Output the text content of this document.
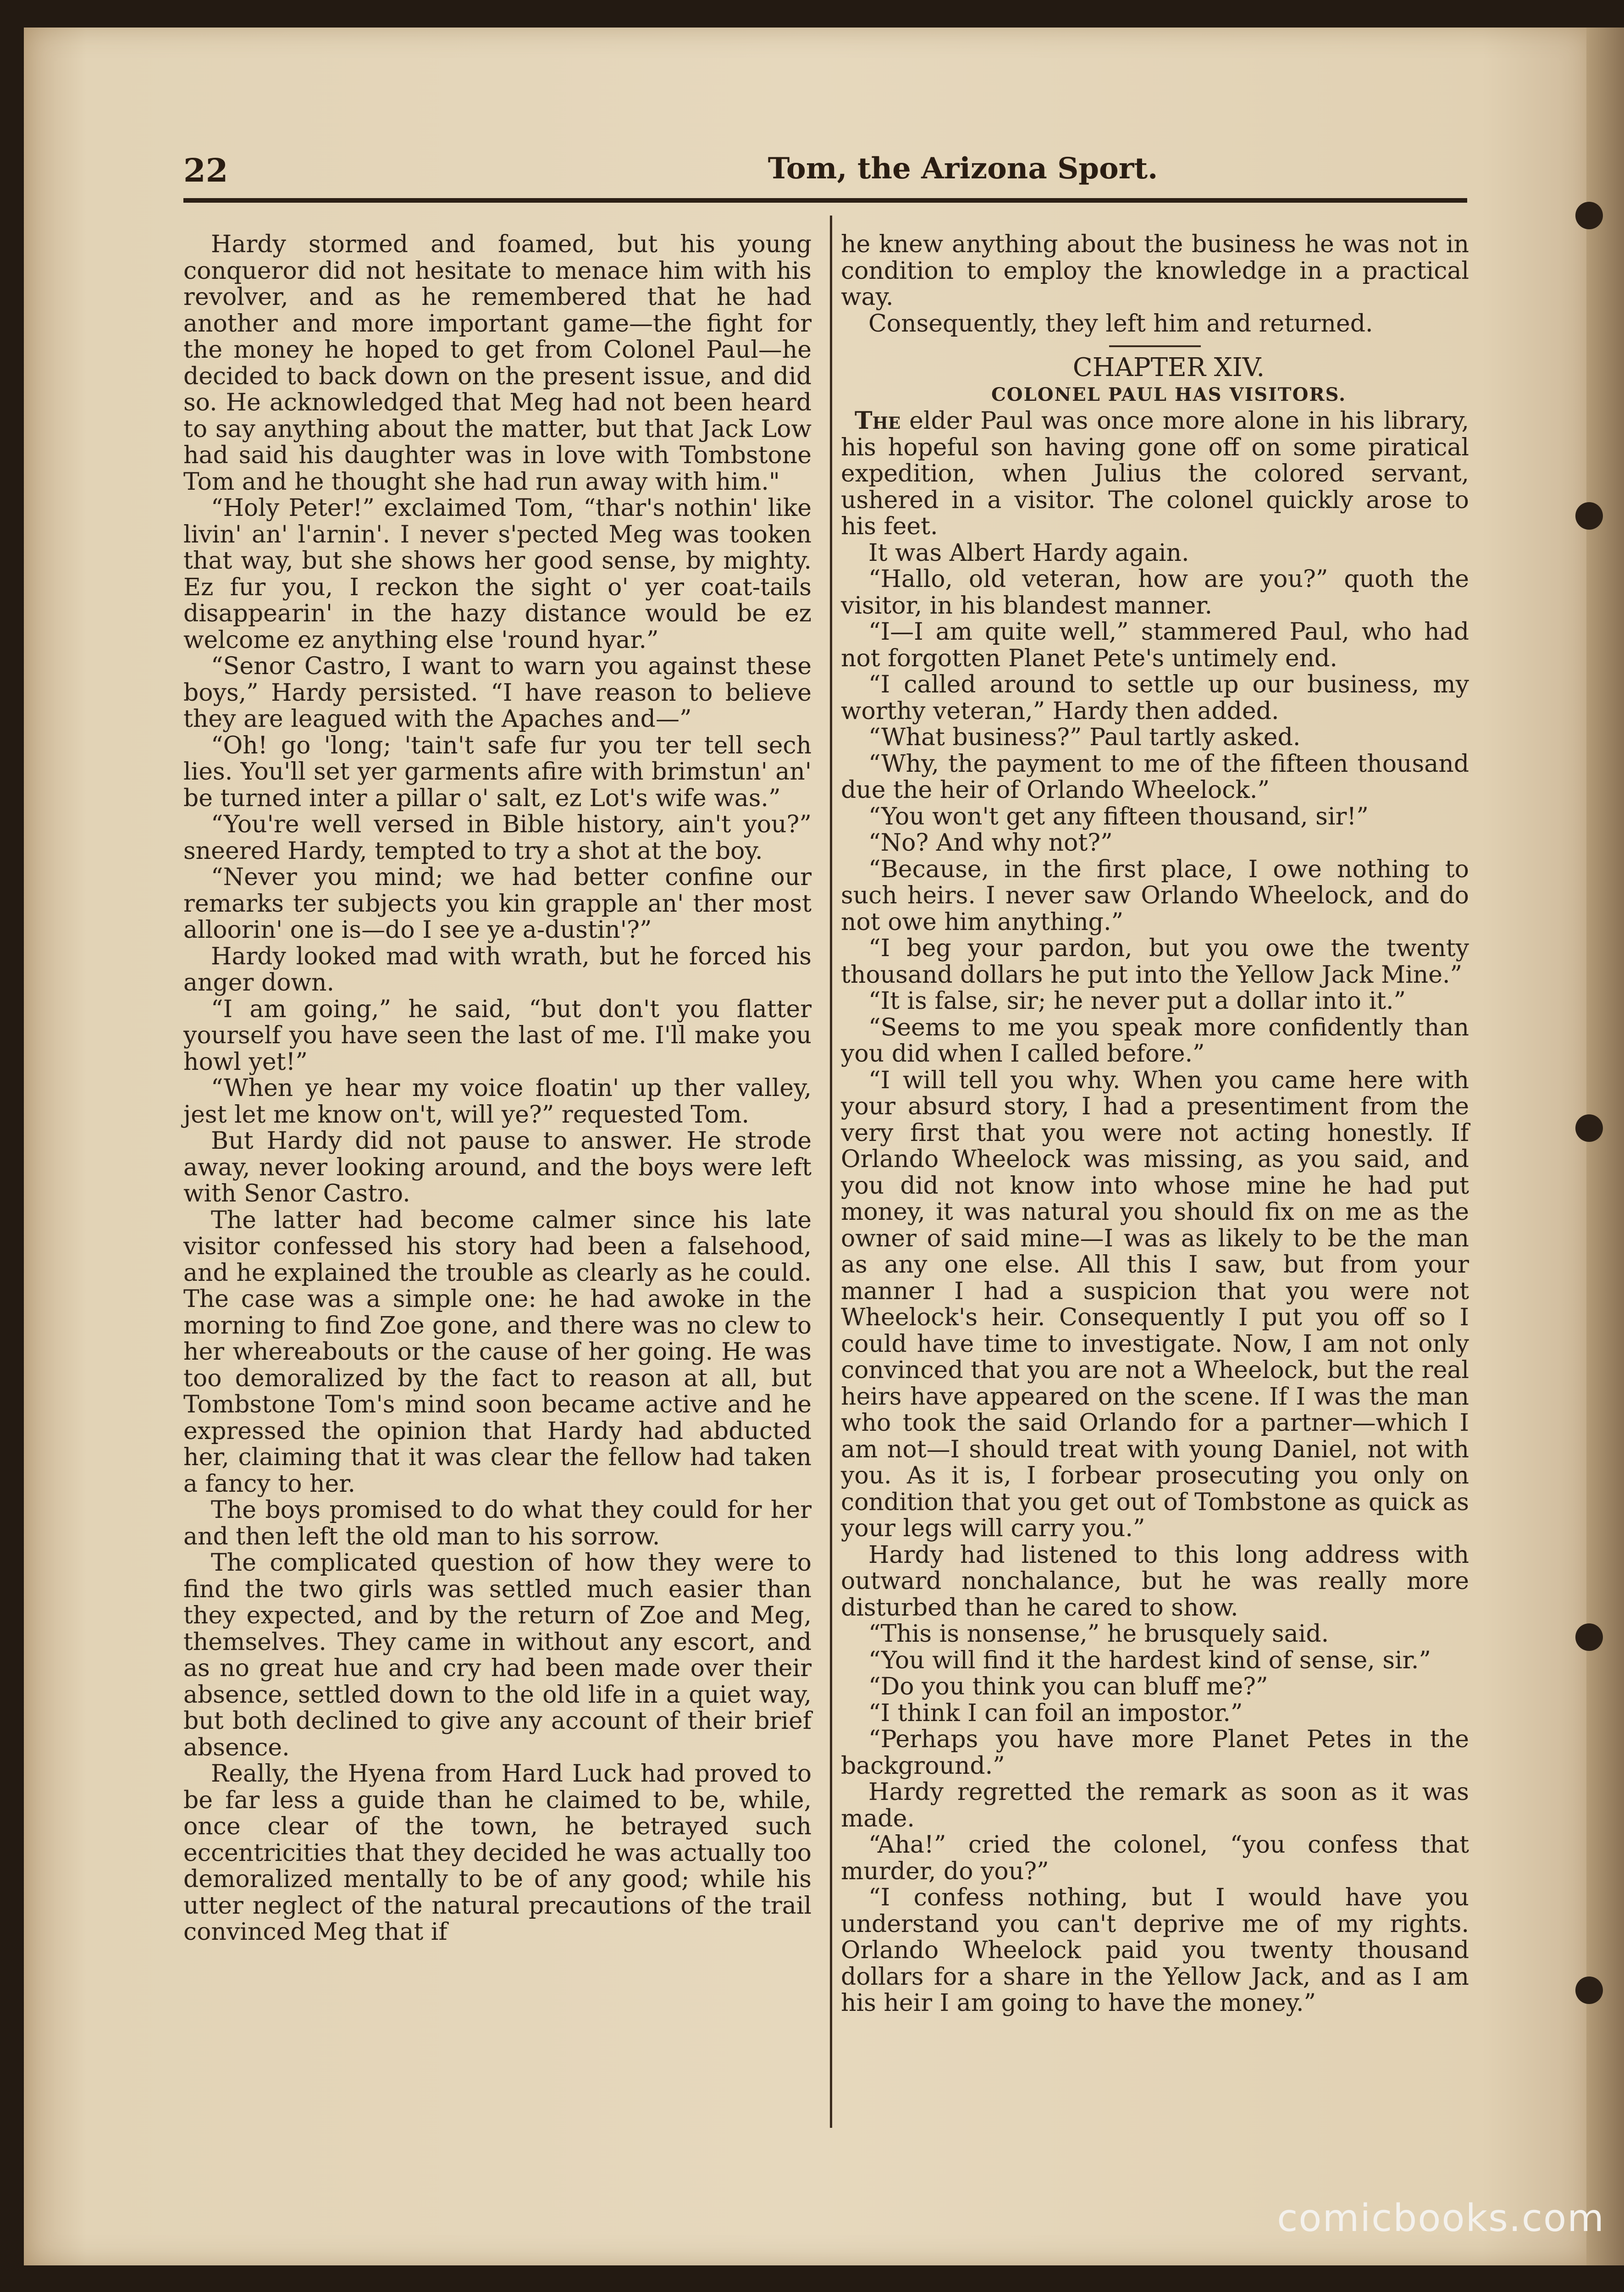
22	Tom, the Arizona Sport.

Hardy stormed and foamed, but his young conqueror did not hesitate to menace him with his revolver, and as he remembered that he had another and more important game—the fight for the money he hoped to get from Colonel Paul—he decided to back down on the present issue, and did so. He acknowledged that Meg had not been heard to say anything about the matter, but that Jack Low had said his daughter was in love with Tombstone Tom and he thought she had run away with him."

“Holy Peter!” exclaimed Tom, “thar's nothin' like livin' an' l'arnin'. I never s'pected Meg was tooken that way, but she shows her good sense, by mighty. Ez fur you, I reckon the sight o' yer coat-tails disappearin' in the hazy distance would be ez welcome ez anything else 'round hyar.”

“Senor Castro, I want to warn you against these boys,” Hardy persisted. “I have reason to believe they are leagued with the Apaches and—”

“Oh! go 'long; 'tain't safe fur you ter tell sech lies. You'll set yer garments afire with brimstun' an' be turned inter a pillar o' salt, ez Lot's wife was.”

“You're well versed in Bible history, ain't you?” sneered Hardy, tempted to try a shot at the boy.

“Never you mind; we had better confine our remarks ter subjects you kin grapple an' ther most alloorin' one is—do I see ye a-dustin'?”

Hardy looked mad with wrath, but he forced his anger down.

“I am going,” he said, “but don't you flatter yourself you have seen the last of me. I'll make you howl yet!”

“When ye hear my voice floatin' up ther valley, jest let me know on't, will ye?” requested Tom.

But Hardy did not pause to answer. He strode away, never looking around, and the boys were left with Senor Castro.

The latter had become calmer since his late visitor confessed his story had been a falsehood, and he explained the trouble as clearly as he could. The case was a simple one: he had awoke in the morning to find Zoe gone, and there was no clew to her whereabouts or the cause of her going. He was too demoralized by the fact to reason at all, but Tombstone Tom's mind soon became active and he expressed the opinion that Hardy had abducted her, claiming that it was clear the fellow had taken a fancy to her.

The boys promised to do what they could for her and then left the old man to his sorrow.

The complicated question of how they were to find the two girls was settled much easier than they expected, and by the return of Zoe and Meg, themselves. They came in without any escort, and as no great hue and cry had been made over their absence, settled down to the old life in a quiet way, but both declined to give any account of their brief absence.

Really, the Hyena from Hard Luck had proved to be far less a guide than he claimed to be, while, once clear of the town, he betrayed such eccentricities that they decided he was actually too demoralized mentally to be of any good; while his utter neglect of the natural precautions of the trail convinced Meg that if

he knew anything about the business he was not in condition to employ the knowledge in a practical way.

Consequently, they left him and returned.

CHAPTER XIV.

COLONEL PAUL HAS VISITORS.

The elder Paul was once more alone in his library, his hopeful son having gone off on some piratical expedition, when Julius the colored servant, ushered in a visitor. The colonel quickly arose to his feet.

It was Albert Hardy again.

“Hallo, old veteran, how are you?” quoth the visitor, in his blandest manner.

“I—I am quite well,” stammered Paul, who had not forgotten Planet Pete's untimely end.

“I called around to settle up our business, my worthy veteran,” Hardy then added.

“What business?” Paul tartly asked.

“Why, the payment to me of the fifteen thousand due the heir of Orlando Wheelock.”

“You won't get any fifteen thousand, sir!”

“No? And why not?”

“Because, in the first place, I owe nothing to such heirs. I never saw Orlando Wheelock, and do not owe him anything.”

“I beg your pardon, but you owe the twenty thousand dollars he put into the Yellow Jack Mine.”

“It is false, sir; he never put a dollar into it.”

“Seems to me you speak more confidently than you did when I called before.”

“I will tell you why. When you came here with your absurd story, I had a presentiment from the very first that you were not acting honestly. If Orlando Wheelock was missing, as you said, and you did not know into whose mine he had put money, it was natural you should fix on me as the owner of said mine—I was as likely to be the man as any one else. All this I saw, but from your manner I had a suspicion that you were not Wheelock's heir. Consequently I put you off so I could have time to investigate. Now, I am not only convinced that you are not a Wheelock, but the real heirs have appeared on the scene. If I was the man who took the said Orlando for a partner—which I am not—I should treat with young Daniel, not with you. As it is, I forbear prosecuting you only on condition that you get out of Tombstone as quick as your legs will carry you.”

Hardy had listened to this long address with outward nonchalance, but he was really more disturbed than he cared to show.

“This is nonsense,” he brusquely said.

“You will find it the hardest kind of sense, sir.”

“Do you think you can bluff me?”

“I think I can foil an impostor.”

“Perhaps you have more Planet Petes in the background.”

Hardy regretted the remark as soon as it was made.

“Aha!” cried the colonel, “you confess that murder, do you?”

“I confess nothing, but I would have you understand you can't deprive me of my rights. Orlando Wheelock paid you twenty thousand dollars for a share in the Yellow Jack, and as I am his heir I am going to have the money.”

comicbooks.com
